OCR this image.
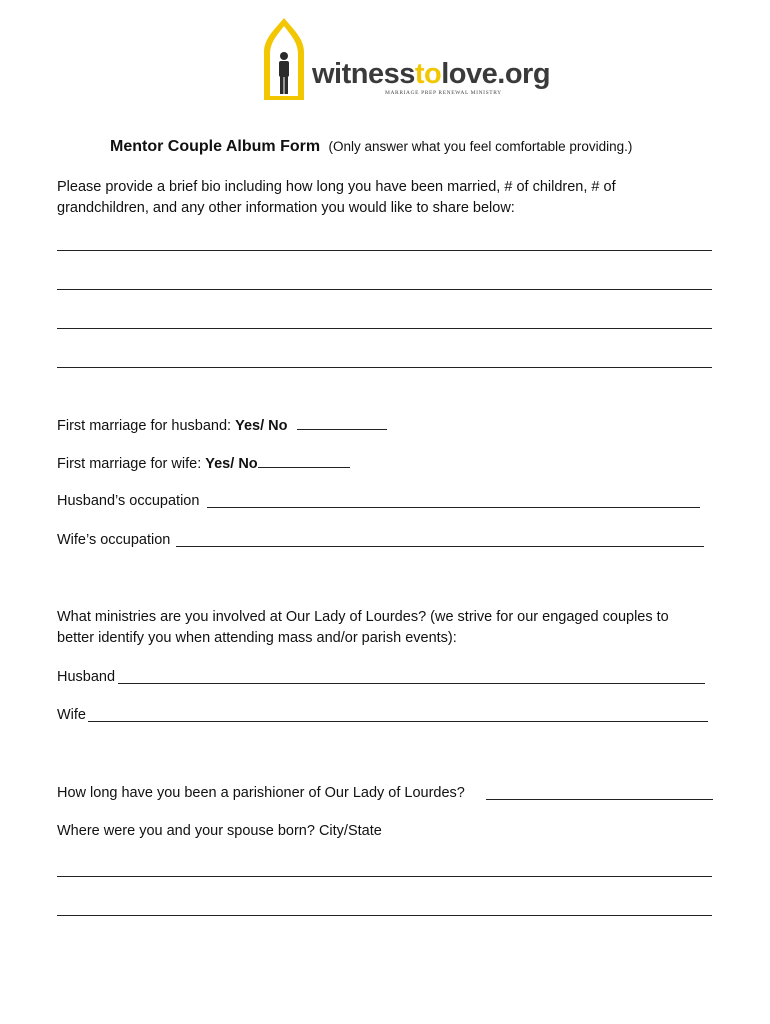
witnesstolove.org
MARRIAGE PREP RENEWAL MINISTRY
Mentor Couple Album Form (Only answer what you feel comfortable providing.)
Please provide a brief bio including how long you have been married, # of children, # of
grandchildren, and any other information you would like to share below:
First marriage for husband: Yes/ No
First marriage for wife: Yes/ No
Husband’s occupation
Wife’s occupation
What ministries are you involved at Our Lady of Lourdes? (we strive for our engaged couples to
better identify you when attending mass and/or parish events):
Husband
Wife
How long have you been a parishioner of Our Lady of Lourdes?
Where were you and your spouse born? City/State
